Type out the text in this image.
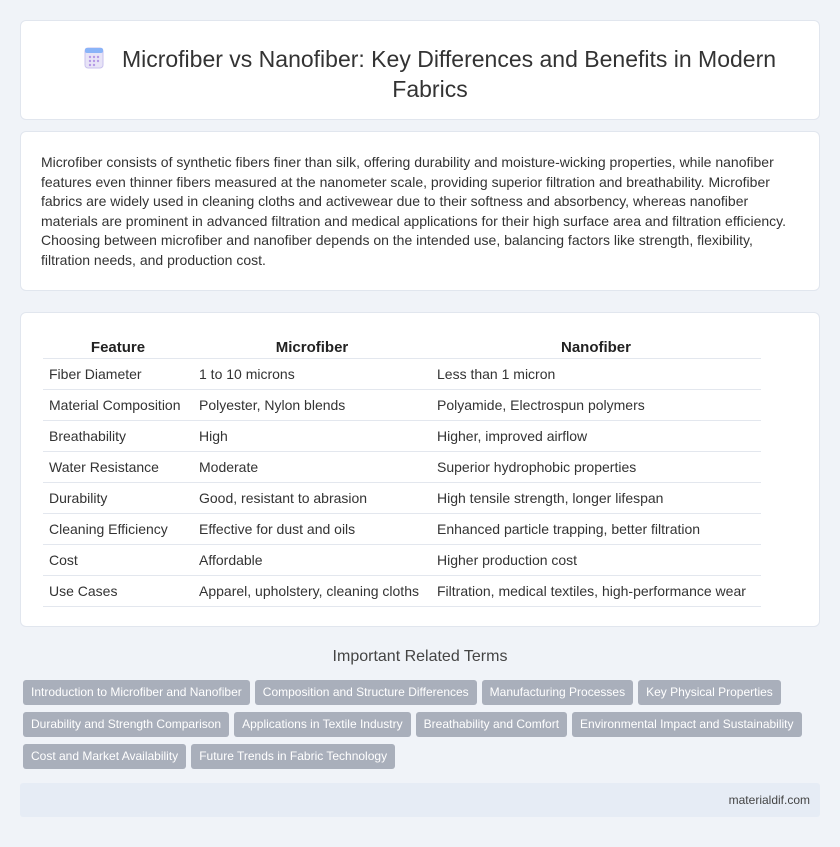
Microfiber vs Nanofiber: Key Differences and Benefits in Modern Fabrics

Microfiber consists of synthetic fibers finer than silk, offering durability and moisture-wicking properties, while nanofiber features even thinner fibers measured at the nanometer scale, providing superior filtration and breathability. Microfiber fabrics are widely used in cleaning cloths and activewear due to their softness and absorbency, whereas nanofiber materials are prominent in advanced filtration and medical applications for their high surface area and filtration efficiency. Choosing between microfiber and nanofiber depends on the intended use, balancing factors like strength, flexibility, filtration needs, and production cost.

Feature	Microfiber	Nanofiber
Fiber Diameter	1 to 10 microns	Less than 1 micron
Material Composition	Polyester, Nylon blends	Polyamide, Electrospun polymers
Breathability	High	Higher, improved airflow
Water Resistance	Moderate	Superior hydrophobic properties
Durability	Good, resistant to abrasion	High tensile strength, longer lifespan
Cleaning Efficiency	Effective for dust and oils	Enhanced particle trapping, better filtration
Cost	Affordable	Higher production cost
Use Cases	Apparel, upholstery, cleaning cloths	Filtration, medical textiles, high-performance wear
Important Related Terms
Introduction to Microfiber and Nanofiber Composition and Structure Differences Manufacturing Processes Key Physical Properties
Durability and Strength Comparison Applications in Textile Industry Breathability and Comfort Environmental Impact and Sustainability
Cost and Market Availability Future Trends in Fabric Technology
materialdif.com
